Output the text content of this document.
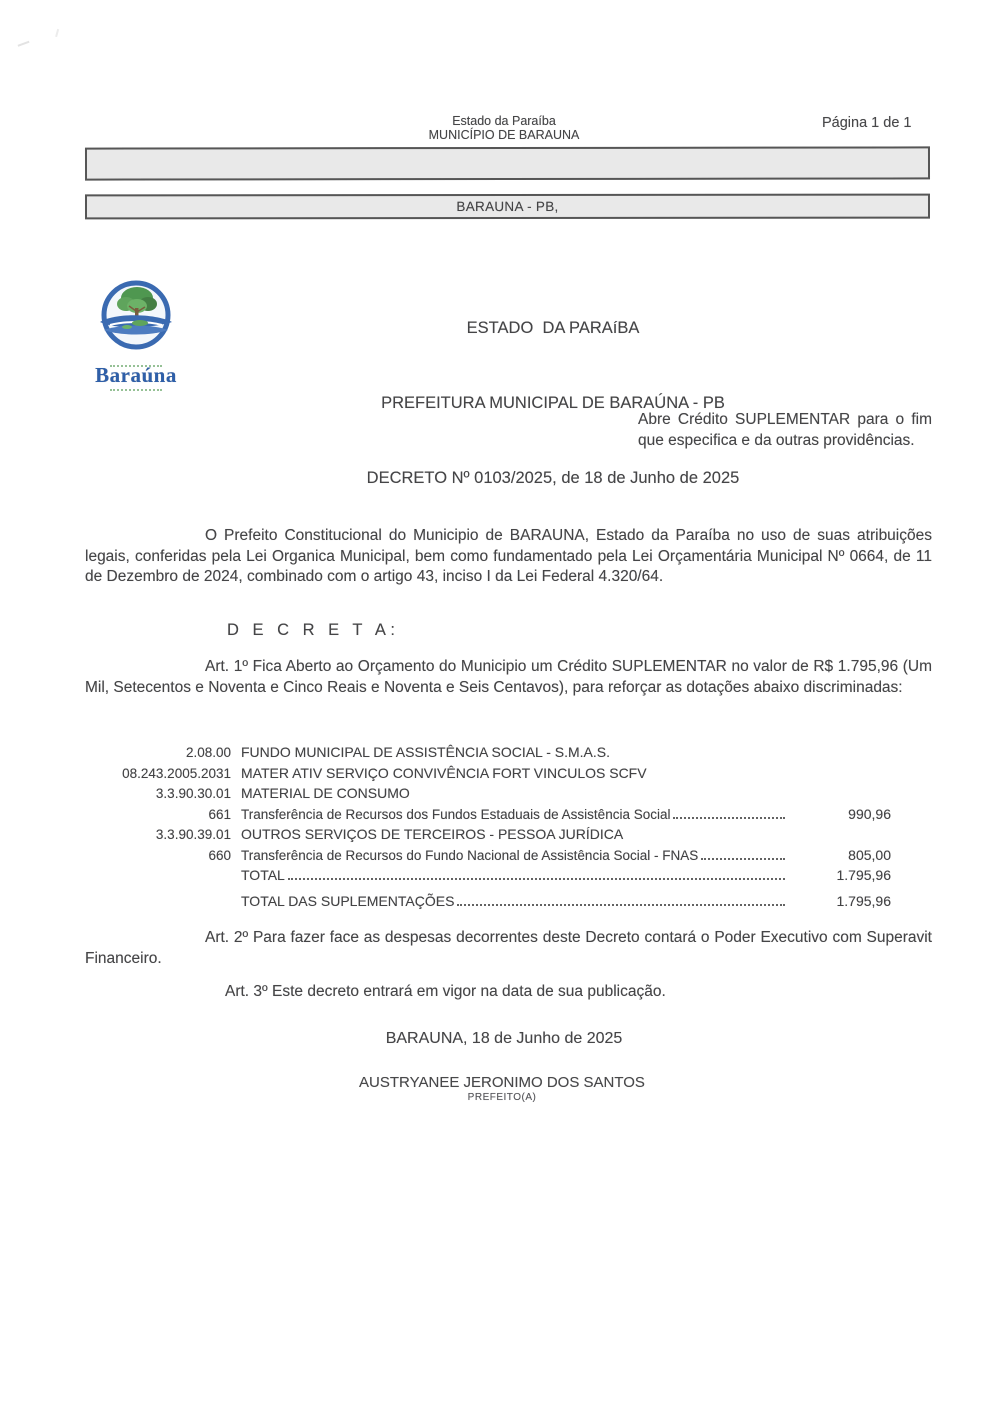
Estado da Paraíba
MUNICÍPIO DE BARAUNA
Página 1 de 1
BARAUNA - PB,
Baraúna

ESTADO  DA PARAíBA

PREFEITURA MUNICIPAL DE BARAÚNA - PB

DECRETO Nº 0103/2025, de 18 de Junho de 2025

Abre Crédito SUPLEMENTAR para o fim que especifica e da outras providências.
O Prefeito Constitucional do Municipio de BARAUNA, Estado da Paraíba no uso de suas atribuições legais, conferidas pela Lei Organica Municipal, bem como fundamentado pela Lei Orçamentária Municipal Nº 0664, de 11 de Dezembro de 2024, combinado com o artigo 43, inciso I da Lei Federal 4.320/64.
D E C R E T A:
Art. 1º Fica Aberto ao Orçamento do Municipio um Crédito SUPLEMENTAR no valor de R$ 1.795,96 (Um Mil, Setecentos e Noventa e Cinco Reais e Noventa e Seis Centavos), para reforçar as dotações abaixo discriminadas:
2.08.00 FUNDO MUNICIPAL DE ASSISTÊNCIA SOCIAL - S.M.A.S.
08.243.2005.2031 MATER ATIV SERVIÇO CONVIVÊNCIA FORT VINCULOS SCFV
3.3.90.30.01 MATERIAL DE CONSUMO
661 Transferência de Recursos dos Fundos Estaduais de Assistência Social	990,96
3.3.90.39.01 OUTROS SERVIÇOS DE TERCEIROS - PESSOA JURÍDICA
660 Transferência de Recursos do Fundo Nacional de Assistência Social - FNAS	805,00
TOTAL	1.795,96
TOTAL DAS SUPLEMENTAÇÕES	1.795,96
Art. 2º Para fazer face as despesas decorrentes deste Decreto contará o Poder Executivo com Superavit Financeiro.
Art. 3º Este decreto entrará em vigor na data de sua publicação.
BARAUNA, 18 de Junho de 2025
AUSTRYANEE JERONIMO DOS SANTOS
PREFEITO(A)
